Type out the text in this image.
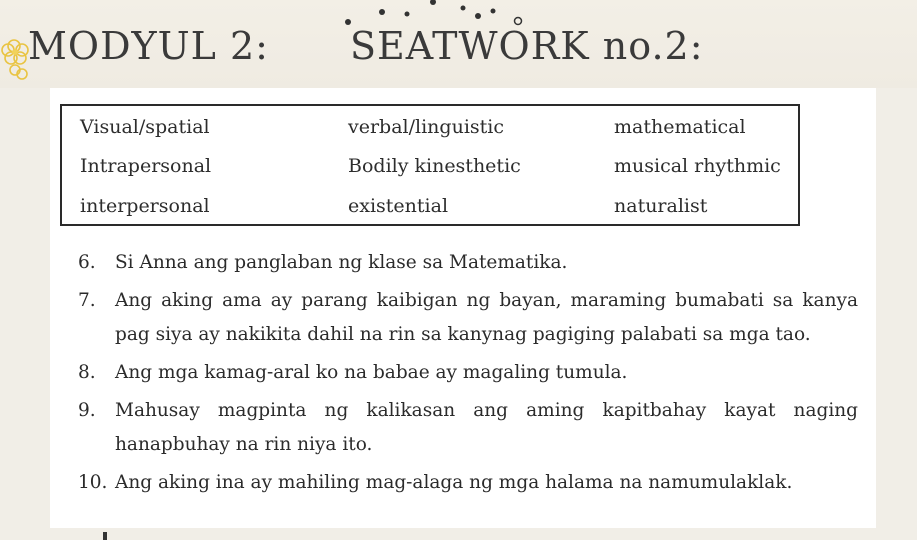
MODYUL 2: SEATWORK no.2:
Visual/spatial	verbal/linguistic	mathematical
Intrapersonal	Bodily kinesthetic	musical rhythmic
interpersonal	existential	naturalist
6. Si Anna ang panglaban ng klase sa Matematika.
7. Ang aking ama ay parang kaibigan ng bayan, maraming bumabati sa kanya pag siya ay nakikita dahil na rin sa kanynag pagiging palabati sa mga tao.
8. Ang mga kamag-aral ko na babae ay magaling tumula.
9. Mahusay magpinta ng kalikasan ang aming kapitbahay kayat naging hanapbuhay na rin niya ito.
10. Ang aking ina ay mahiling mag-alaga ng mga halama na namumulaklak.
